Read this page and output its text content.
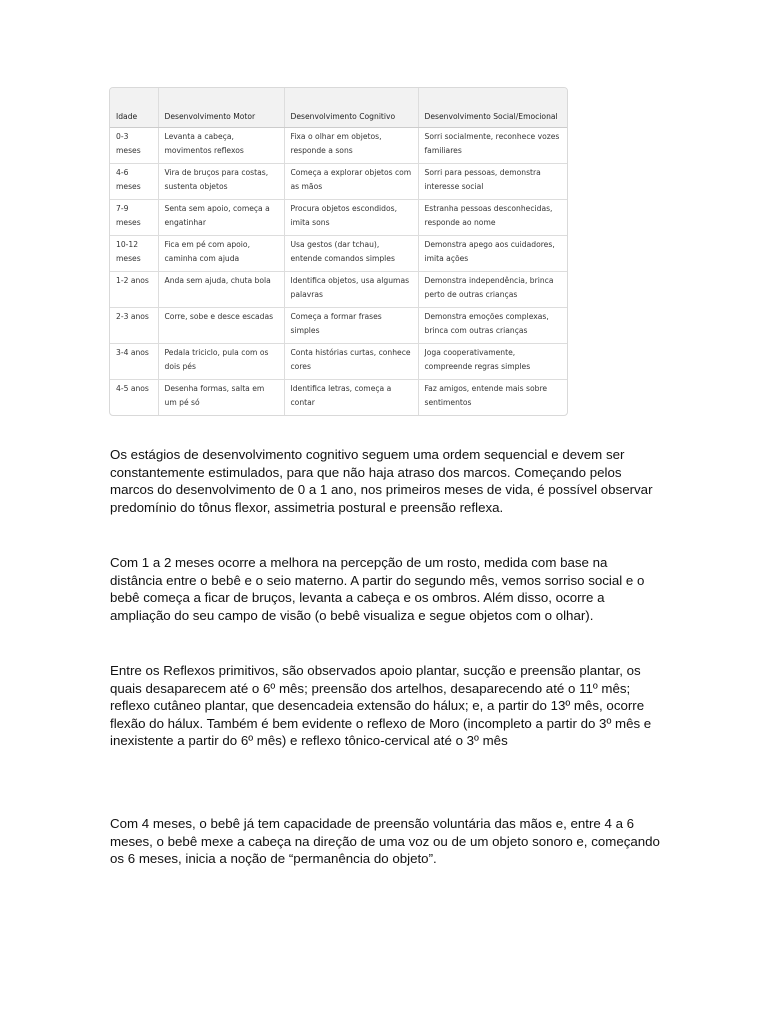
Idade	Desenvolvimento Motor	Desenvolvimento Cognitivo	Desenvolvimento Social/Emocional
0-3 meses	Levanta a cabeça, movimentos reflexos	Fixa o olhar em objetos, responde a sons	Sorri socialmente, reconhece vozes familiares
4-6 meses	Vira de bruços para costas, sustenta objetos	Começa a explorar objetos com as mãos	Sorri para pessoas, demonstra interesse social
7-9 meses	Senta sem apoio, começa a engatinhar	Procura objetos escondidos, imita sons	Estranha pessoas desconhecidas, responde ao nome
10-12 meses	Fica em pé com apoio, caminha com ajuda	Usa gestos (dar tchau), entende comandos simples	Demonstra apego aos cuidadores, imita ações
1-2 anos	Anda sem ajuda, chuta bola	Identifica objetos, usa algumas palavras	Demonstra independência, brinca perto de outras crianças
2-3 anos	Corre, sobe e desce escadas	Começa a formar frases simples	Demonstra emoções complexas, brinca com outras crianças
3-4 anos	Pedala triciclo, pula com os dois pés	Conta histórias curtas, conhece cores	Joga cooperativamente, compreende regras simples
4-5 anos	Desenha formas, salta em um pé só	Identifica letras, começa a contar	Faz amigos, entende mais sobre sentimentos

Os estágios de desenvolvimento cognitivo seguem uma ordem sequencial e devem ser constantemente estimulados, para que não haja atraso dos marcos. Começando pelos marcos do desenvolvimento de 0 a 1 ano, nos primeiros meses de vida, é possível observar predomínio do tônus flexor, assimetria postural e preensão reflexa.

Com 1 a 2 meses ocorre a melhora na percepção de um rosto, medida com base na distância entre o bebê e o seio materno. A partir do segundo mês, vemos sorriso social e o bebê começa a ficar de bruços, levanta a cabeça e os ombros. Além disso, ocorre a ampliação do seu campo de visão (o bebê visualiza e segue objetos com o olhar).

Entre os Reflexos primitivos, são observados apoio plantar, sucção e preensão plantar, os quais desaparecem até o 6º mês; preensão dos artelhos, desaparecendo até o 11º mês; reflexo cutâneo plantar, que desencadeia extensão do hálux; e, a partir do 13º mês, ocorre flexão do hálux. Também é bem evidente o reflexo de Moro (incompleto a partir do 3º mês e inexistente a partir do 6º mês) e reflexo tônico-cervical até o 3º mês

Com 4 meses, o bebê já tem capacidade de preensão voluntária das mãos e, entre 4 a 6 meses, o bebê mexe a cabeça na direção de uma voz ou de um objeto sonoro e, começando os 6 meses, inicia a noção de “permanência do objeto”.
